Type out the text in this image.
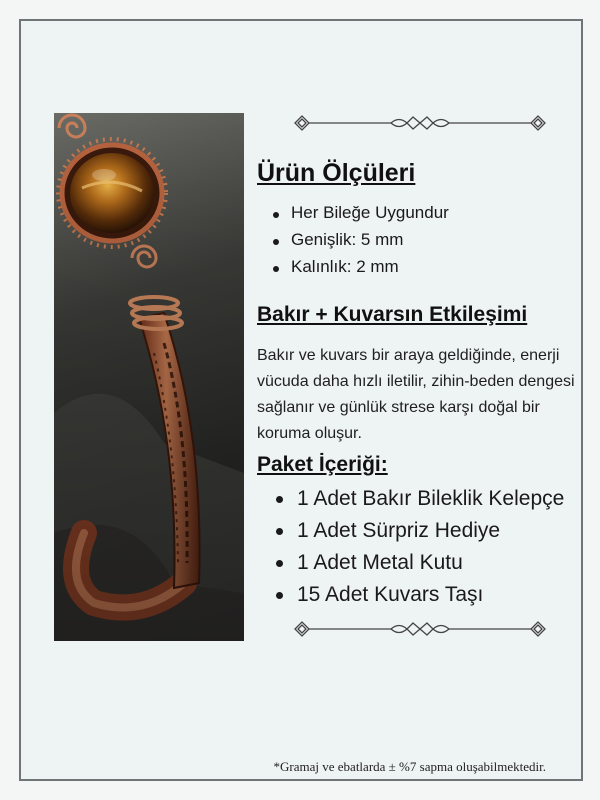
Ürün Ölçüleri
Her Bileğe Uygundur
Genişlik: 5 mm
Kalınlık: 2 mm
Bakır + Kuvarsın Etkileşimi
Bakır ve kuvars bir araya geldiğinde, enerji vücuda daha hızlı iletilir, zihin-beden dengesi sağlanır ve günlük strese karşı doğal bir koruma oluşur.
Paket İçeriği:
1 Adet Bakır Bileklik Kelepçe
1 Adet Sürpriz Hediye
1 Adet Metal Kutu
15 Adet Kuvars Taşı
*Gramaj ve ebatlarda ± %7 sapma oluşabilmektedir.
